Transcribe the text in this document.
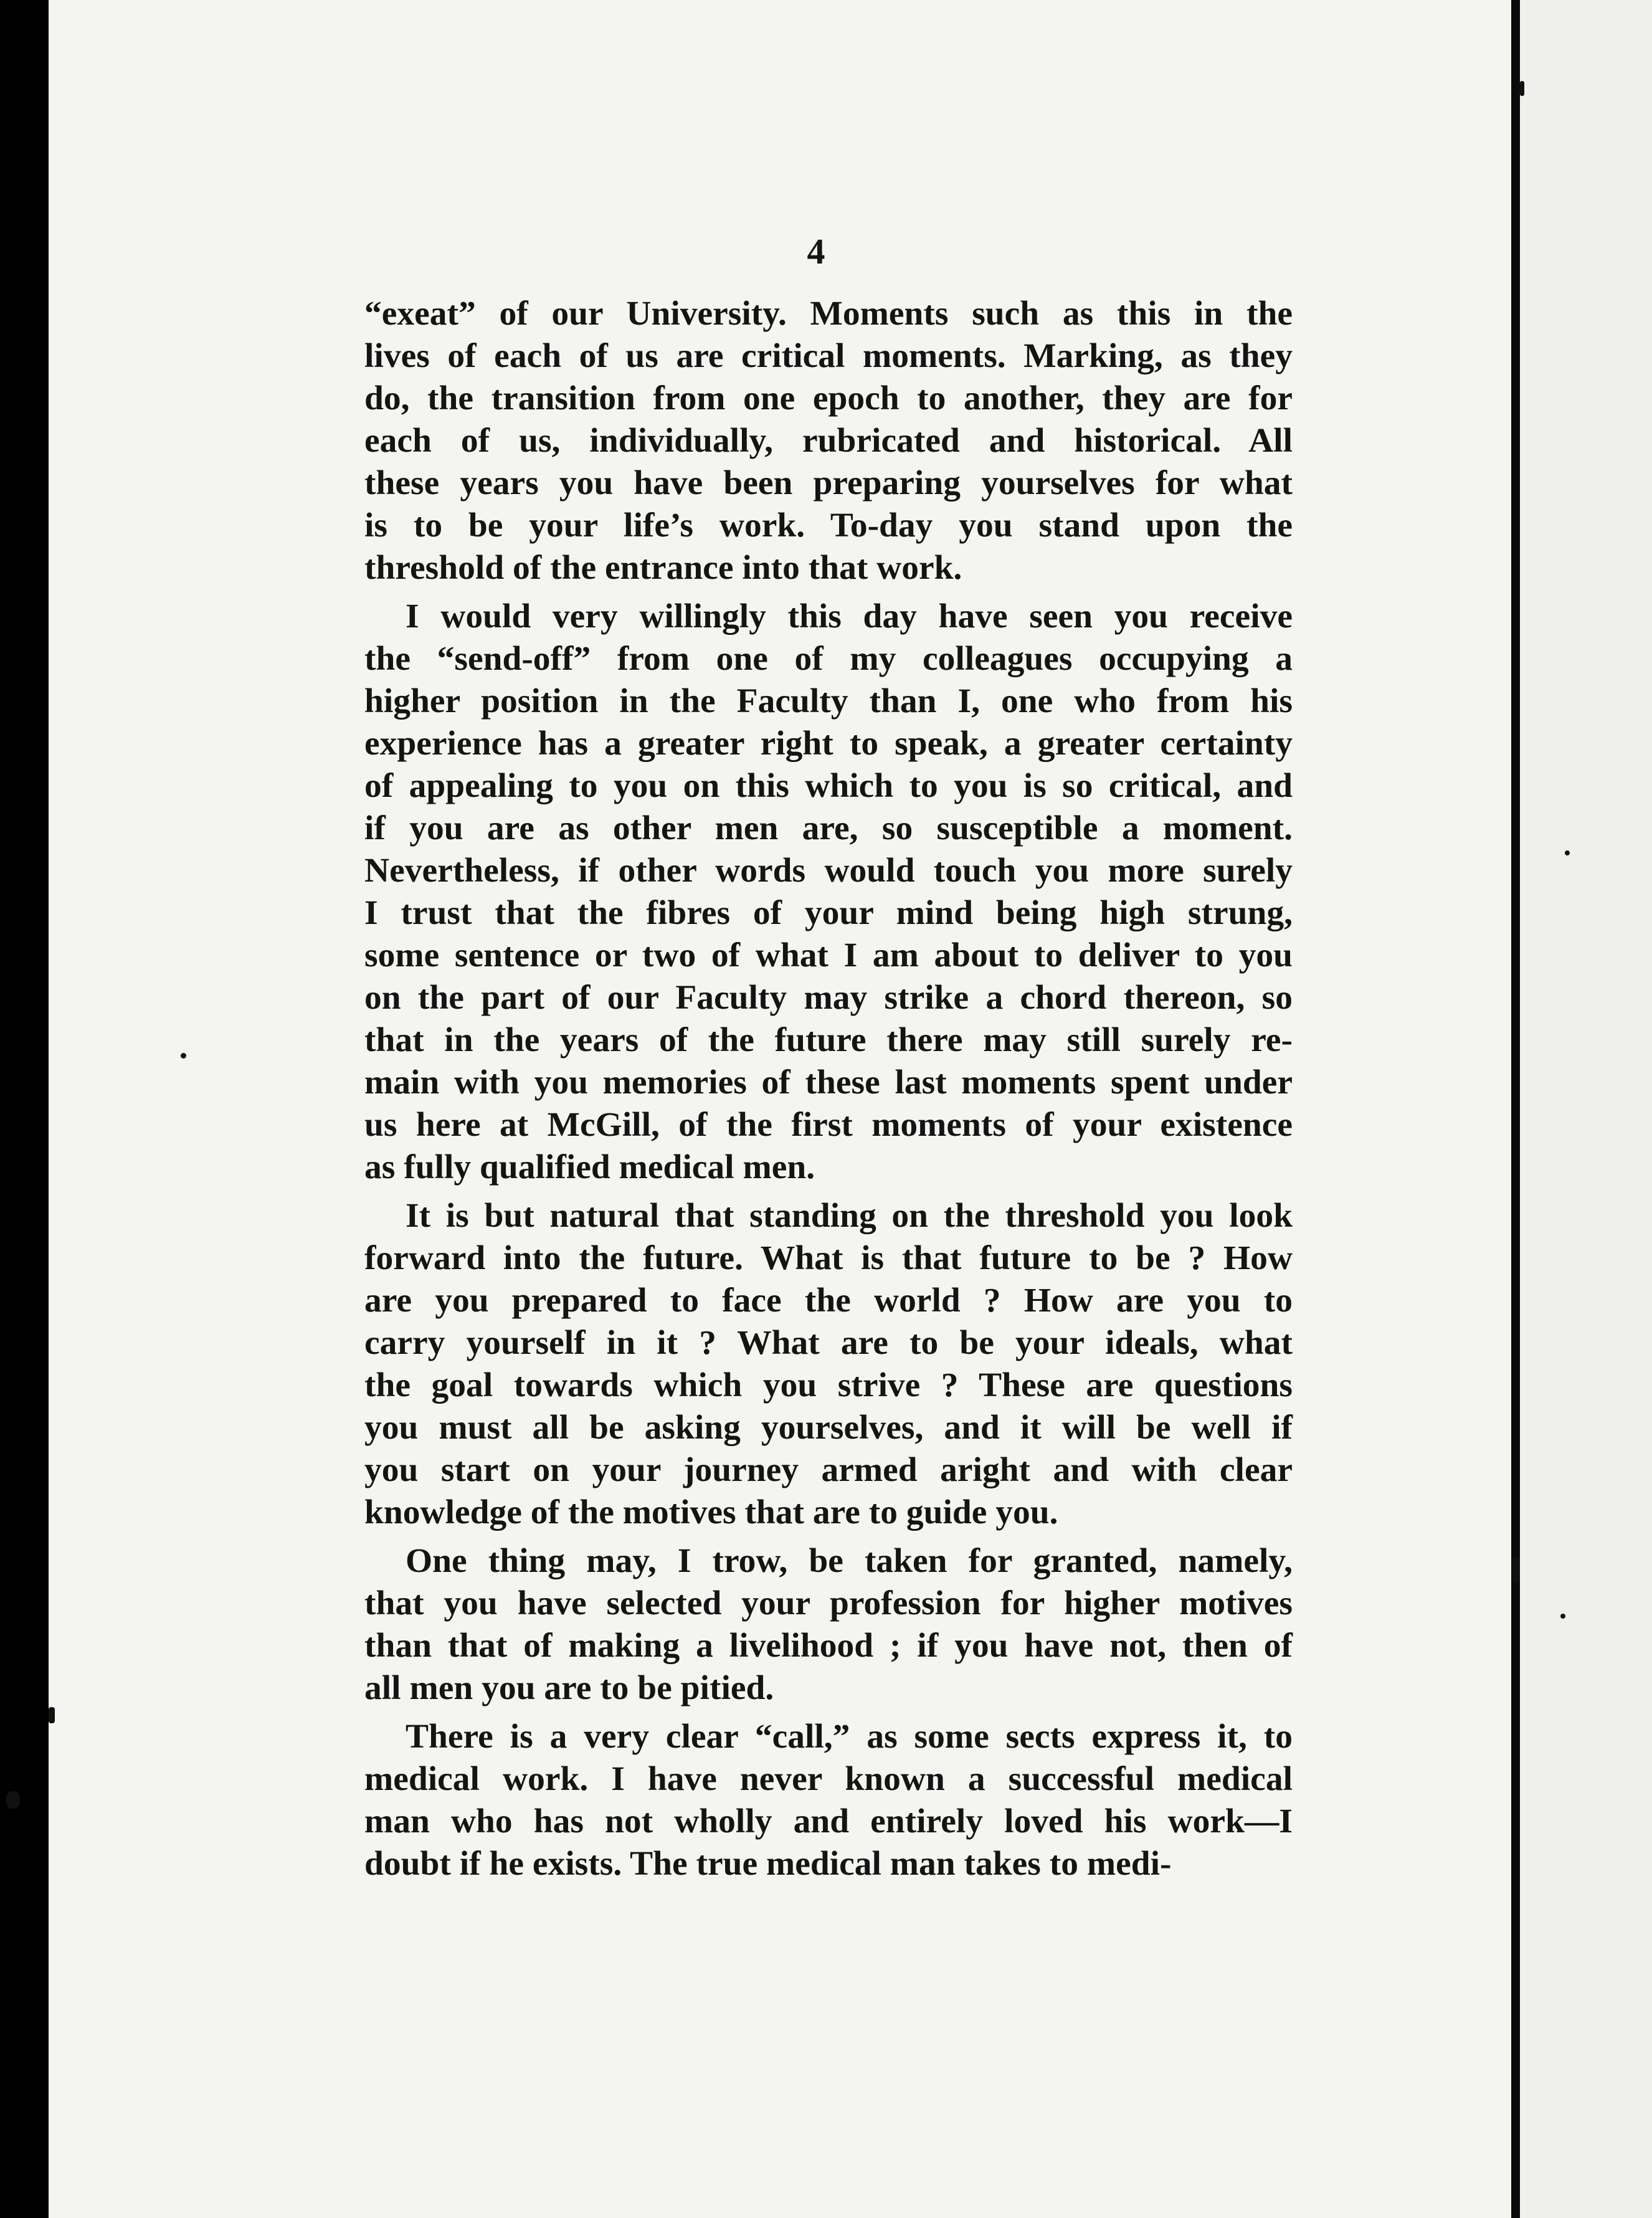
4
“exeat” of our University. Moments such as this in the
lives of each of us are critical moments. Marking, as they
do, the transition from one epoch to another, they are for
each of us, individually, rubricated and historical. All
these years you have been preparing yourselves for what
is to be your life’s work. To-day you stand upon the
threshold of the entrance into that work.
I would very willingly this day have seen you receive
the “send-off” from one of my colleagues occupying a
higher position in the Faculty than I, one who from his
experience has a greater right to speak, a greater certainty
of appealing to you on this which to you is so critical, and
if you are as other men are, so susceptible a moment.
Nevertheless, if other words would touch you more surely
I trust that the fibres of your mind being high strung,
some sentence or two of what I am about to deliver to you
on the part of our Faculty may strike a chord thereon, so
that in the years of the future there may still surely re-
main with you memories of these last moments spent under
us here at McGill, of the first moments of your existence
as fully qualified medical men.
It is but natural that standing on the threshold you look
forward into the future. What is that future to be ? How
are you prepared to face the world ? How are you to
carry yourself in it ? What are to be your ideals, what
the goal towards which you strive ? These are questions
you must all be asking yourselves, and it will be well if
you start on your journey armed aright and with clear
knowledge of the motives that are to guide you.
One thing may, I trow, be taken for granted, namely,
that you have selected your profession for higher motives
than that of making a livelihood ; if you have not, then of
all men you are to be pitied.
There is a very clear “call,” as some sects express it, to
medical work. I have never known a successful medical
man who has not wholly and entirely loved his work—I
doubt if he exists. The true medical man takes to medi-
